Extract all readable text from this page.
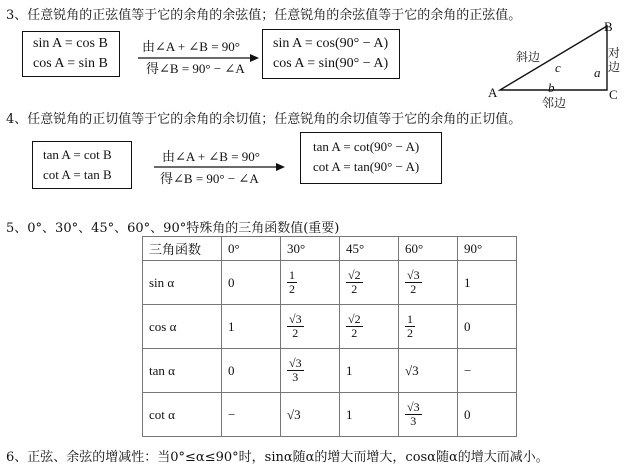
3、任意锐角的正弦值等于它的余角的余弦值；任意锐角的余弦值等于它的余角的正弦值。
sin A = cos B
cos A = sin B
由∠A + ∠B = 90°
得∠B = 90° − ∠A
sin A = cos(90° − A)
cos A = sin(90° − A)
A
B
C
斜边
c	a
对边
b
邻边
4、任意锐角的正切值等于它的余角的余切值；任意锐角的余切值等于它的余角的正切值。
tan A = cot B
cot A = tan B
由∠A + ∠B = 90°
得∠B = 90° − ∠A
tan A = cot(90° − A)
cot A = tan(90° − A)
5、0°、30°、45°、60°、90°特殊角的三角函数值(重要)
三角函数	0°	30°	45°	60°	90°
sin α	0	$\frac{1}{2}$	$\frac{√2}{2}$	$\frac{√3}{2}$	1
cos α	1	$\frac{√3}{2}$	$\frac{√2}{2}$	$\frac{1}{2}$	0
tan α	0	$\frac{√3}{3}$	1	√3	−
cot α	−	√3	1	$\frac{√3}{3}$	0
6、正弦、余弦的增减性：当0°≤α≤90°时，sinα随α的增大而增大，cosα随α的增大而减小。
